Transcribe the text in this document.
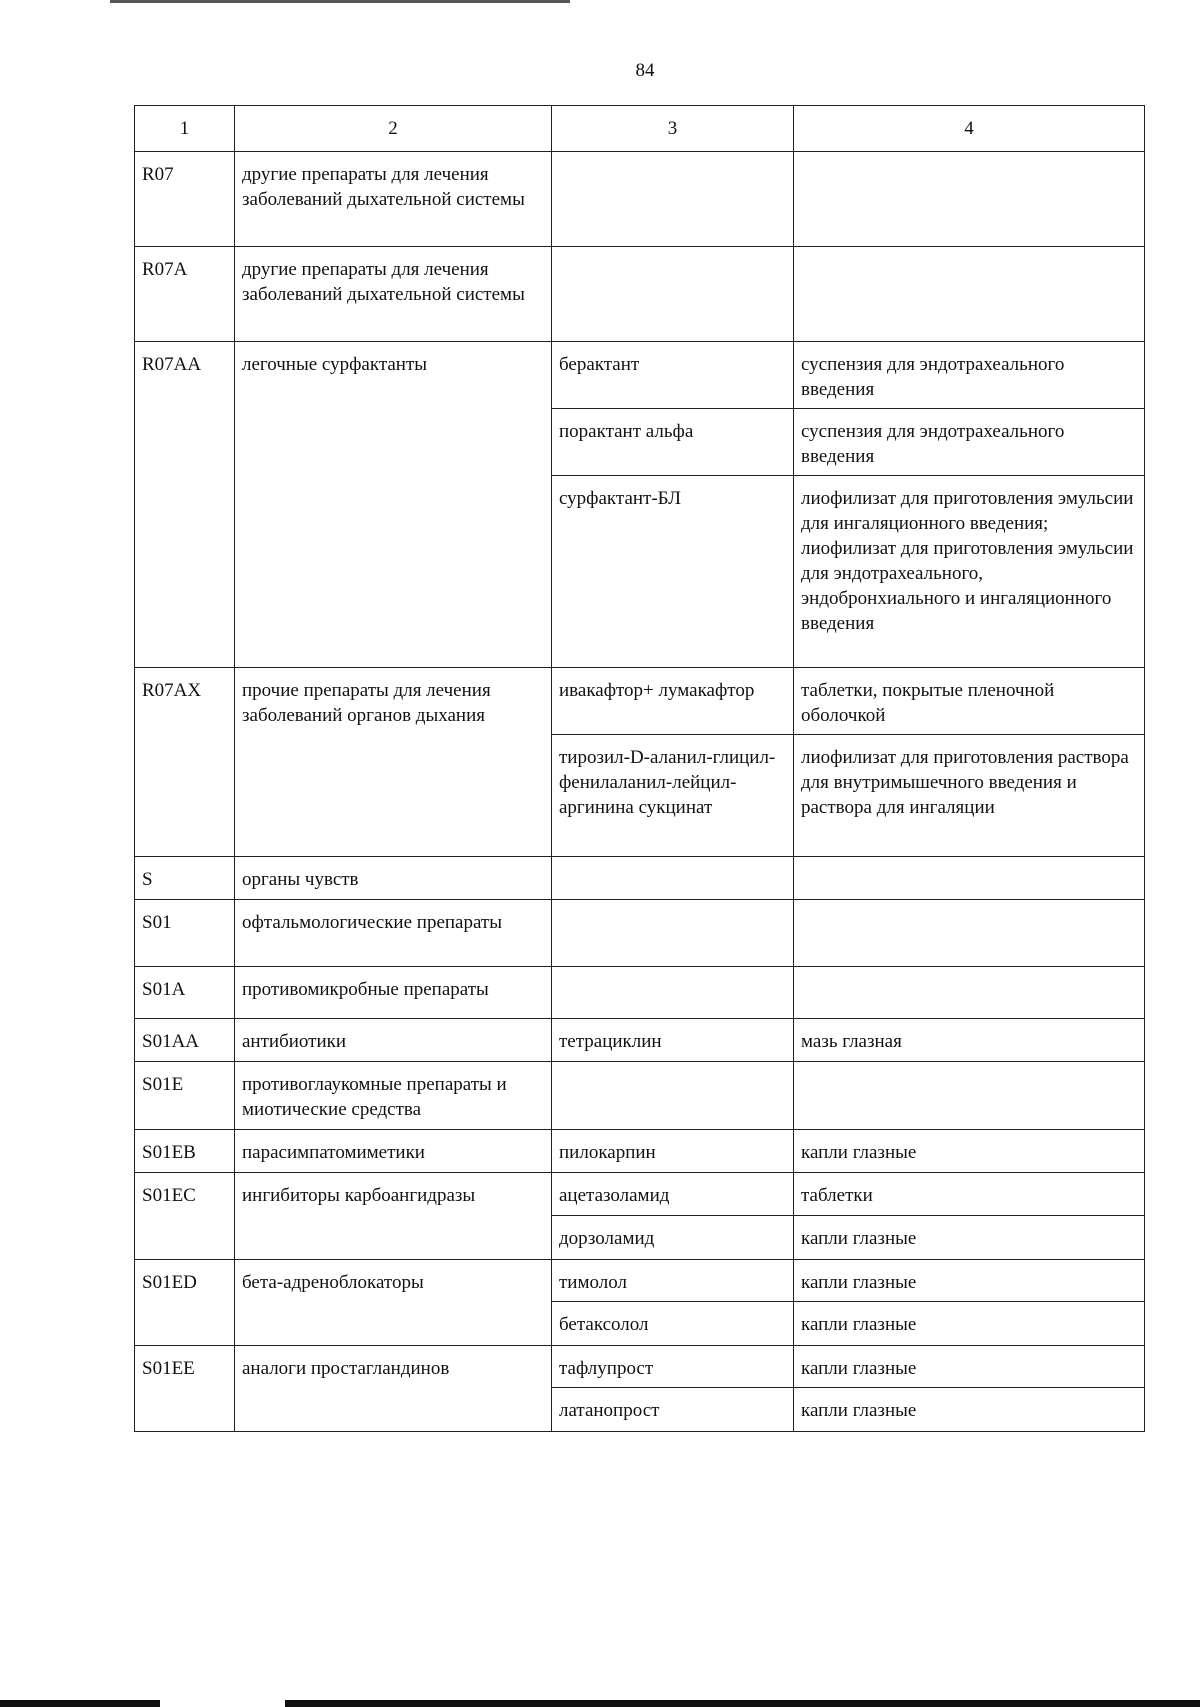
84
1	2	3	4
R07	другие препараты для лечения заболеваний дыхательной системы		
R07A	другие препараты для лечения заболеваний дыхательной системы		
R07AA	легочные сурфактанты	берактант	суспензия для эндотрахеального введения
		порактант альфа	суспензия для эндотрахеального введения
		сурфактант-БЛ	лиофилизат для приготовления эмульсии для ингаляционного введения;
лиофилизат для приготовления эмульсии для эндотрахеального, эндобронхиального и ингаляционного введения
R07AX	прочие препараты для лечения заболеваний органов дыхания	ивакафтор+ лумакафтор	таблетки, покрытые пленочной оболочкой
		тирозил-D-аланил-глицил-фенилаланил-лейцил-аргинина сукцинат	лиофилизат для приготовления раствора для внутримышечного введения и раствора для ингаляции
S	органы чувств		
S01	офтальмологические препараты		
S01A	противомикробные препараты		
S01AA	антибиотики	тетрациклин	мазь глазная
S01E	противоглаукомные препараты и миотические средства		
S01EB	парасимпатомиметики	пилокарпин	капли глазные
S01EC	ингибиторы карбоангидразы	ацетазоламид	таблетки
		дорзоламид	капли глазные
S01ED	бета-адреноблокаторы	тимолол	капли глазные
		бетаксолол	капли глазные
S01EE	аналоги простагландинов	тафлупрост	капли глазные
		латанопрост	капли глазные
